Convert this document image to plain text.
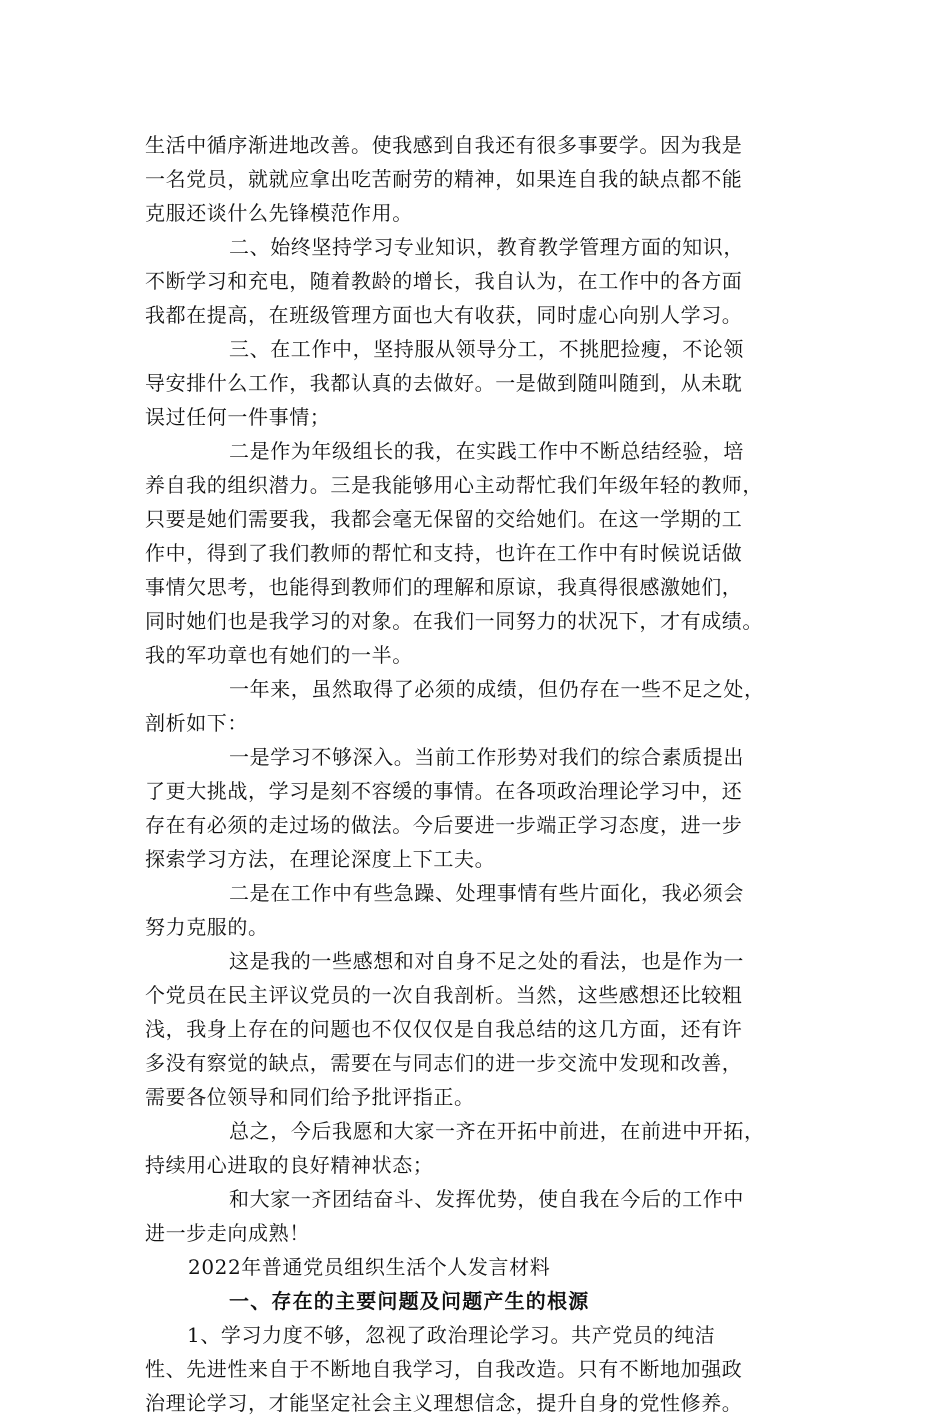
生活中循序渐进地改善。使我感到自我还有很多事要学。因为我是
一名党员，就就应拿出吃苦耐劳的精神，如果连自我的缺点都不能
克服还谈什么先锋模范作用。
二、始终坚持学习专业知识，教育教学管理方面的知识，
不断学习和充电，随着教龄的增长，我自认为，在工作中的各方面
我都在提高，在班级管理方面也大有收获，同时虚心向别人学习。
三、在工作中，坚持服从领导分工，不挑肥捡瘦，不论领
导安排什么工作，我都认真的去做好。一是做到随叫随到，从未耽
误过任何一件事情；
二是作为年级组长的我，在实践工作中不断总结经验，培
养自我的组织潜力。三是我能够用心主动帮忙我们年级年轻的教师，
只要是她们需要我，我都会毫无保留的交给她们。在这一学期的工
作中，得到了我们教师的帮忙和支持，也许在工作中有时候说话做
事情欠思考，也能得到教师们的理解和原谅，我真得很感激她们，
同时她们也是我学习的对象。在我们一同努力的状况下，才有成绩。
我的军功章也有她们的一半。
一年来，虽然取得了必须的成绩，但仍存在一些不足之处，
剖析如下：
一是学习不够深入。当前工作形势对我们的综合素质提出
了更大挑战，学习是刻不容缓的事情。在各项政治理论学习中，还
存在有必须的走过场的做法。今后要进一步端正学习态度，进一步
探索学习方法，在理论深度上下工夫。
二是在工作中有些急躁、处理事情有些片面化，我必须会
努力克服的。
这是我的一些感想和对自身不足之处的看法，也是作为一
个党员在民主评议党员的一次自我剖析。当然，这些感想还比较粗
浅，我身上存在的问题也不仅仅仅是自我总结的这几方面，还有许
多没有察觉的缺点，需要在与同志们的进一步交流中发现和改善，
需要各位领导和同们给予批评指正。
总之，今后我愿和大家一齐在开拓中前进，在前进中开拓，
持续用心进取的良好精神状态；
和大家一齐团结奋斗、发挥优势，使自我在今后的工作中
进一步走向成熟！
2022年普通党员组织生活个人发言材料
一、存在的主要问题及问题产生的根源
1、学习力度不够，忽视了政治理论学习。共产党员的纯洁
性、先进性来自于不断地自我学习，自我改造。只有不断地加强政
治理论学习，才能坚定社会主义理想信念，提升自身的党性修养。
